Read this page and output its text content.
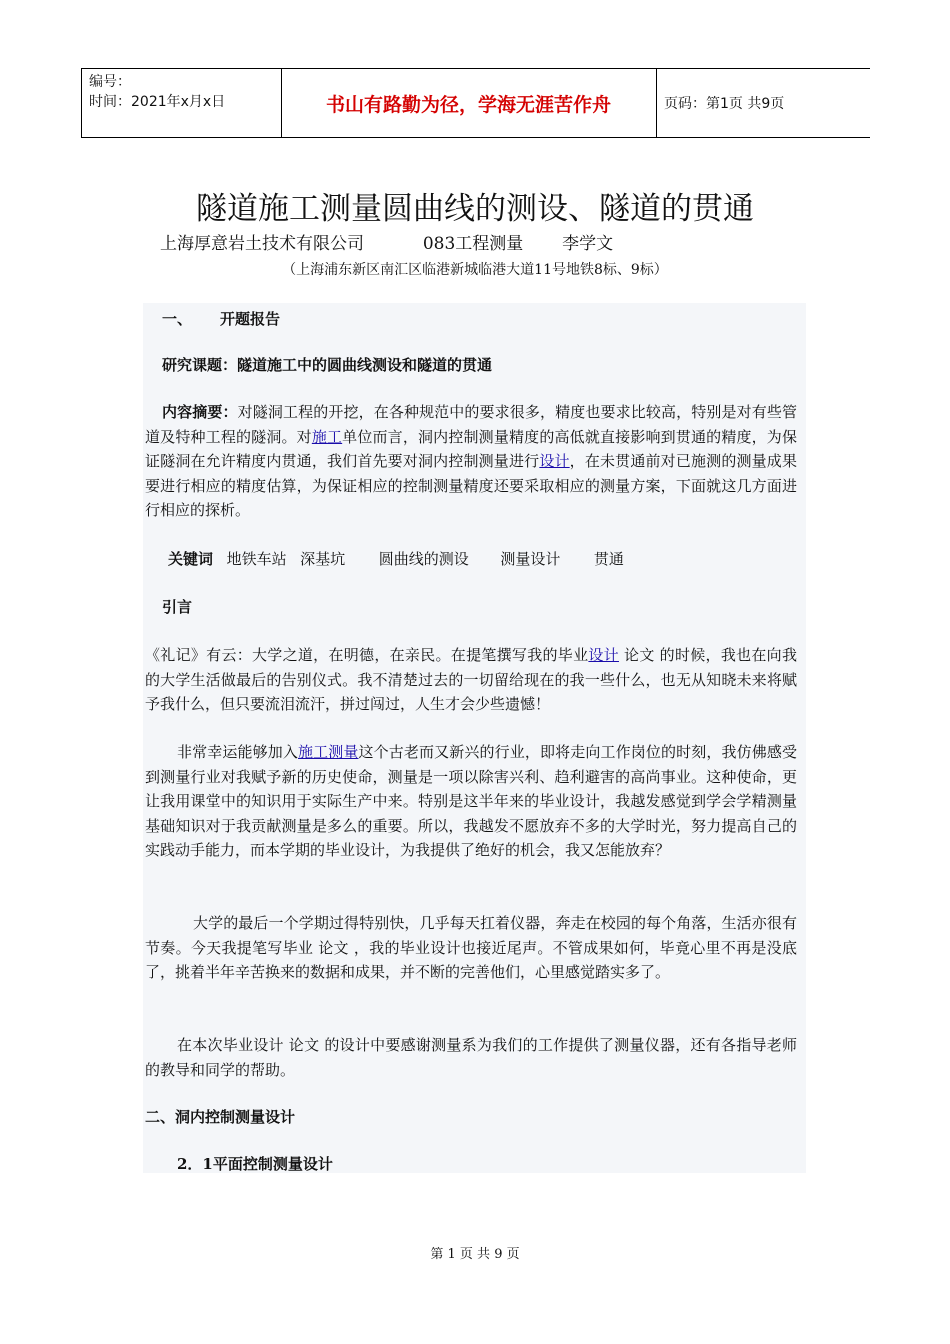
编号：
时间：2021年x月x日	书山有路勤为径，学海无涯苦作舟	页码：第1页 共9页
隧道施工测量圆曲线的测设、隧道的贯通
上海厚意岩土技术有限公司	083工程测量 李学文
（上海浦东新区南汇区临港新城临港大道11号地铁8标、9标）
一、 开题报告
研究课题：隧道施工中的圆曲线测设和隧道的贯通

内容摘要：对隧洞工程的开挖，在各种规范中的要求很多，精度也要求比较高，特别是对有些管道及特种工程的隧洞。对施工单位而言，洞内控制测量精度的高低就直接影响到贯通的精度，为保证隧洞在允许精度内贯通，我们首先要对洞内控制测量进行设计，在未贯通前对已施测的测量成果要进行相应的精度估算，为保证相应的控制测量精度还要采取相应的测量方案，下面就这几方面进行相应的探析。

关键词 地铁车站 深基坑 圆曲线的测设 测量设计 贯通
引言

《礼记》有云：大学之道，在明德，在亲民。在提笔撰写我的毕业设计 论文 的时候，我也在向我的大学生活做最后的告别仪式。我不清楚过去的一切留给现在的我一些什么，也无从知晓未来将赋予我什么，但只要流泪流汗，拼过闯过，人生才会少些遗憾！

非常幸运能够加入施工测量这个古老而又新兴的行业，即将走向工作岗位的时刻，我仿佛感受到测量行业对我赋予新的历史使命，测量是一项以除害兴利、趋利避害的高尚事业。这种使命，更让我用课堂中的知识用于实际生产中来。特别是这半年来的毕业设计，我越发感觉到学会学精测量基础知识对于我贡献测量是多么的重要。所以，我越发不愿放弃不多的大学时光，努力提高自己的实践动手能力，而本学期的毕业设计，为我提供了绝好的机会，我又怎能放弃？

大学的最后一个学期过得特别快，几乎每天扛着仪器，奔走在校园的每个角落，生活亦很有节奏。今天我提笔写毕业 论文 ，我的毕业设计也接近尾声。不管成果如何，毕竟心里不再是没底了，挑着半年辛苦换来的数据和成果，并不断的完善他们，心里感觉踏实多了。

在本次毕业设计 论文 的设计中要感谢测量系为我们的工作提供了测量仪器，还有各指导老师的教导和同学的帮助。

二、洞内控制测量设计
2．1平面控制测量设计
第 1 页 共 9 页
